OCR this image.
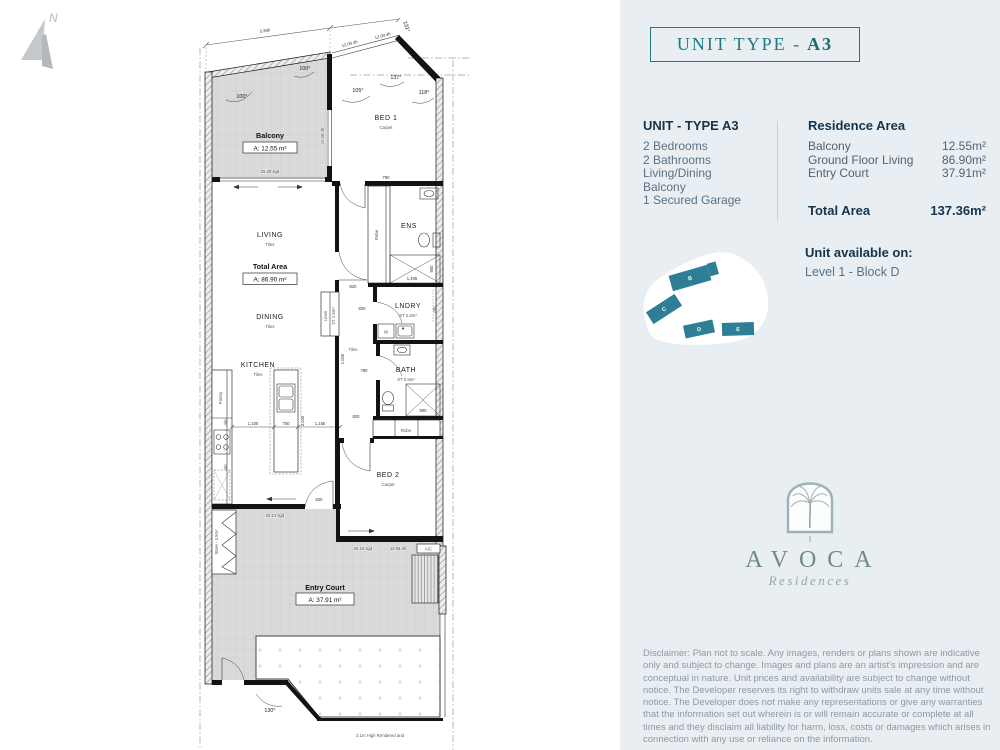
N
3,386
Balcony
A: 12.55 m²
25.30 sgd
12.09 dh
100°
100°
105°
137°
118°
131°
12.09 dh
12.09 dh
BED 1
Carpet
790
LIVING
Tiles
Total Area
A: 86.90 m²
DINING
Tiles
KITCHEN
Tiles
Pantry
ohc
ohc
1,100	750	1,165
3,000
820
820
Linen ST 1.5m²
1,000
Tiles
Robe
ENS
900
1,405
820	LNDRY
ST 2.5m²
W
ohc
780	BATH
ST 0.5m²
900
820
Robe
BED 2
Carpet
25.15 sgd	12.06 dh
Store - 3.5m²
25.21 sgd
Entry Court
A: 37.91 m²
A/C
130°
2.1m High Rendered and
UNIT TYPE - A3

UNIT - TYPE A3

2 Bedrooms
2 Bathrooms
Living/Dining
Balcony
1 Secured Garage

Residence Area

Balcony	12.55m²
Ground Floor Living 86.90m²
Entry Court	37.91m²
Total Area	137.36m²
B
C
D	E

Unit available on:

Level 1 - Block D
AVOCA
Residences
Disclaimer: Plan not to scale. Any images, renders or plans shown are indicative only and subject to change. Images and plans are an artist's impression and are conceptual in nature. Unit prices and availability are subject to change without notice. The Developer reserves its right to withdraw units sale at any time without notice. The Developer does not make any representations or give any warranties that the information set out wherein is or will remain accurate or complete at all times and they disclaim all liability for harm, loss, costs or damages which arises in connection with any use or reliance on the information.
